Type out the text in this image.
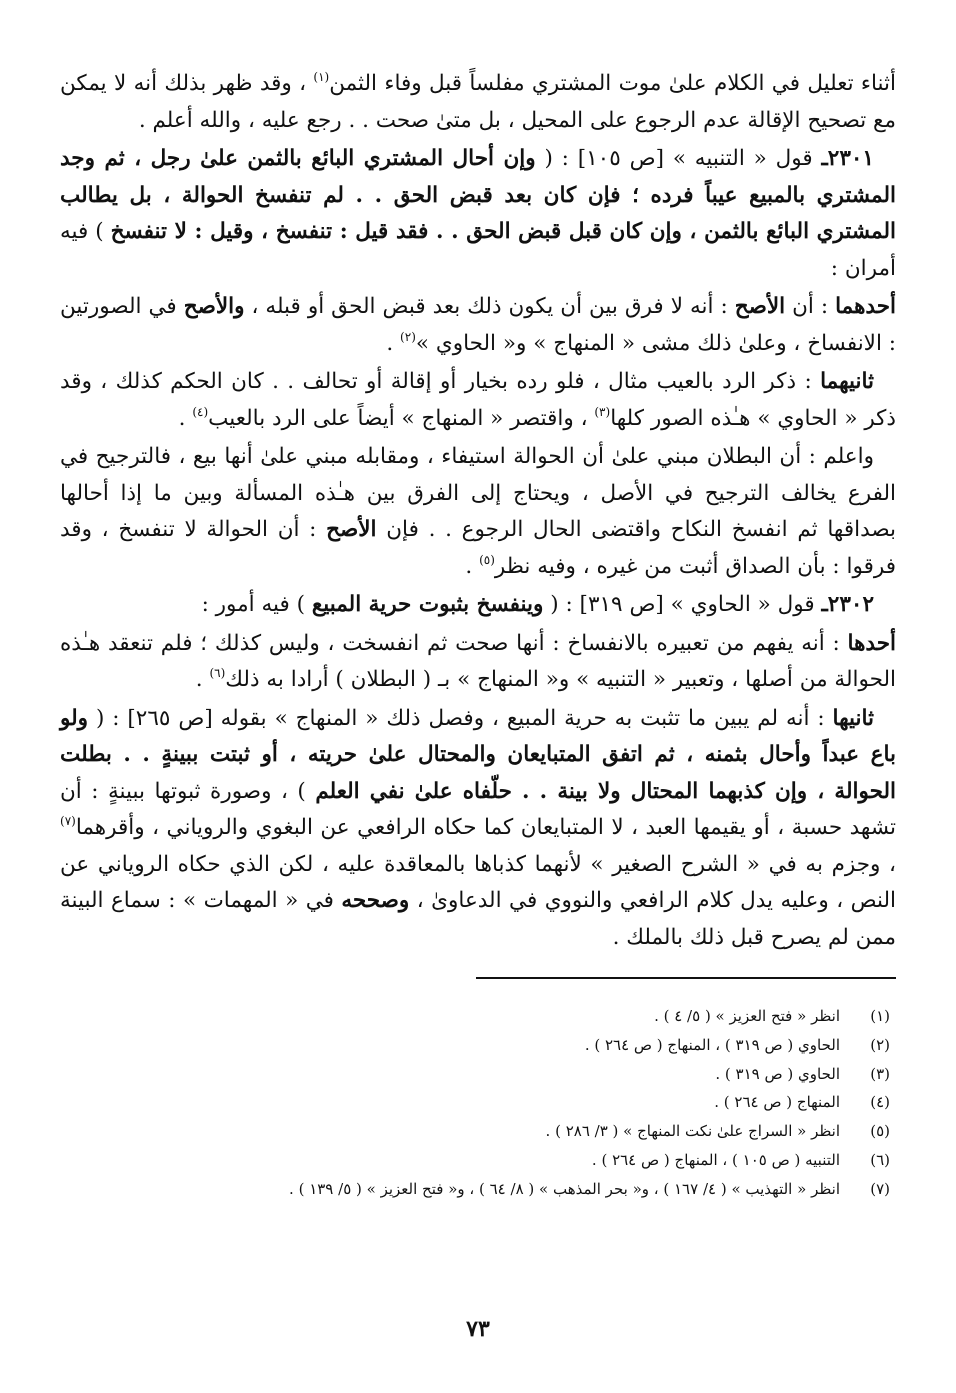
أثناء تعليل في الكلام علىٰ موت المشتري مفلساً قبل وفاء الثمن$^{(١)}$ ، وقد ظهر بذلك أنه لا يمكن مع تصحيح الإقالة عدم الرجوع على المحيل ، بل متىٰ صحت . . رجع عليه ، والله أعلم .

٢٣٠١ـ قول « التنبيه » [ص ١٠٥] : ( وإن أحال المشتري البائع بالثمن علىٰ رجل ، ثم وجد المشتري بالمبيع عيباً فرده ؛ فإن كان بعد قبض الحق . . لم تنفسخ الحوالة ، بل يطالب المشتري البائع بالثمن ، وإن كان قبل قبض الحق . . فقد قيل : تنفسخ ، وقيل : لا تنفسخ ) فيه أمران :

أحدهما : أن الأصح : أنه لا فرق بين أن يكون ذلك بعد قبض الحق أو قبله ، والأصح في الصورتين : الانفساخ ، وعلىٰ ذلك مشى « المنهاج » و« الحاوي »$^{(٢)}$ .

ثانيهما : ذكر الرد بالعيب مثال ، فلو رده بخيار أو إقالة أو تحالف . . كان الحكم كذلك ، وقد ذكر « الحاوي » هـٰذه الصور كلها$^{(٣)}$ ، واقتصر « المنهاج » أيضاً على الرد بالعيب$^{(٤)}$ .

واعلم : أن البطلان مبني علىٰ أن الحوالة استيفاء ، ومقابله مبني علىٰ أنها بيع ، فالترجيح في الفرع يخالف الترجيح في الأصل ، ويحتاج إلى الفرق بين هـٰذه المسألة وبين ما إذا أحالها بصداقها ثم انفسخ النكاح واقتضى الحال الرجوع . . فإن الأصح : أن الحوالة لا تنفسخ ، وقد فرقوا : بأن الصداق أثبت من غيره ، وفيه نظر$^{(٥)}$ .

٢٣٠٢ـ قول « الحاوي » [ص ٣١٩] : ( وينفسخ بثبوت حرية المبيع ) فيه أمور :

أحدها : أنه يفهم من تعبيره بالانفساخ : أنها صحت ثم انفسخت ، وليس كذلك ؛ فلم تنعقد هـٰذه الحوالة من أصلها ، وتعبير « التنبيه » و« المنهاج » بـ ( البطلان ) أرادا به ذلك$^{(٦)}$ .

ثانيها : أنه لم يبين ما تثبت به حرية المبيع ، وفصل ذلك « المنهاج » بقوله [ص ٢٦٥] : ( ولو باع عبداً وأحال بثمنه ، ثم اتفق المتبايعان والمحتال علىٰ حريته ، أو ثبتت ببينةٍ . . بطلت الحوالة ، وإن كذبهما المحتال ولا بينة . . حلّفاه علىٰ نفي العلم ) ، وصورة ثبوتها ببينةٍ : أن تشهد حسبة ، أو يقيمها العبد ، لا المتبايعان كما حكاه الرافعي عن البغوي والروياني ، وأقرهما$^{(٧)}$ ، وجزم به في « الشرح الصغير » لأنهما كذباها بالمعاقدة عليه ، لكن الذي حكاه الروياني عن النص ، وعليه يدل كلام الرافعي والنووي في الدعاوىٰ ، وصححه في « المهمات » : سماع البينة ممن لم يصرح قبل ذلك بالملك .

(١)
انظر « فتح العزيز » ( ٥/ ٤ ) .
(٢)
الحاوي ( ص ٣١٩ ) ، المنهاج ( ص ٢٦٤ ) .
(٣)
الحاوي ( ص ٣١٩ ) .
(٤)
المنهاج ( ص ٢٦٤ ) .
(٥)
انظر « السراج علىٰ نكت المنهاج » ( ٣/ ٢٨٦ ) .
(٦)
التنبيه ( ص ١٠٥ ) ، المنهاج ( ص ٢٦٤ ) .
(٧)
انظر « التهذيب » ( ٤/ ١٦٧ ) ، و« بحر المذهب » ( ٨/ ٦٤ ) ، و« فتح العزيز » ( ٥/ ١٣٩ ) .
٧٣
